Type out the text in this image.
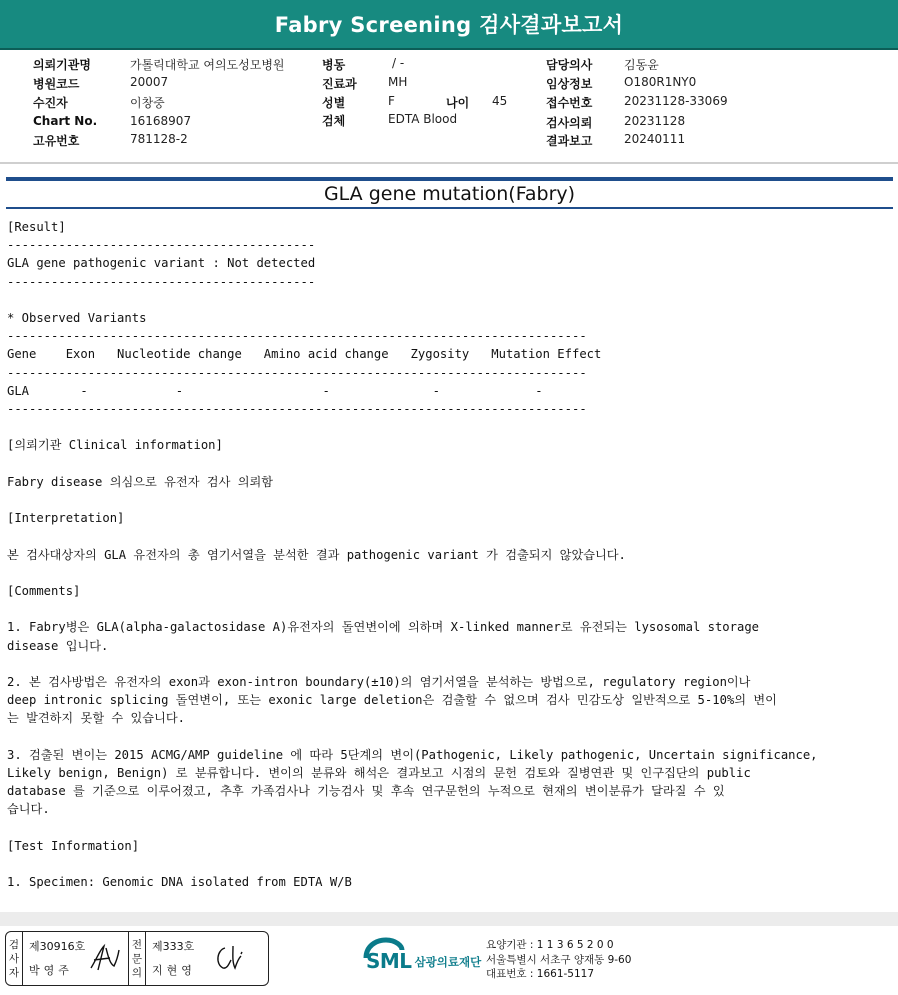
Fabry Screening 검사결과보고서
의뢰기관명	가톨릭대학교 여의도성모병원
병원코드	20007
수진자	이창중
Chart No.	16168907
고유번호	781128-2
병동	/ -
진료과	MH
성별	F	나이 45
검체	EDTA Blood
담당의사	김동윤
임상정보	O180R1NY0
접수번호	20231128-33069
검사의뢰	20231128
결과보고	20240111
GLA gene mutation(Fabry)
[Result]
------------------------------------------
GLA gene pathogenic variant : Not detected
------------------------------------------
* Observed Variants
-------------------------------------------------------------------------------
Gene    Exon   Nucleotide change   Amino acid change   Zygosity   Mutation Effect
-------------------------------------------------------------------------------
GLA       -            -                   -              -             -
-------------------------------------------------------------------------------
[의뢰기관 Clinical information]
Fabry disease 의심으로 유전자 검사 의뢰함
[Interpretation]
본 검사대상자의 GLA 유전자의 총 염기서열을 분석한 결과 pathogenic variant 가 검출되지 않았습니다.
[Comments]
1. Fabry병은 GLA(alpha-galactosidase A)유전자의 돌연변이에 의하며 X-linked manner로 유전되는 lysosomal storage
disease 입니다.
2. 본 검사방법은 유전자의 exon과 exon-intron boundary(±10)의 염기서열을 분석하는 방법으로, regulatory region이나
deep intronic splicing 돌연변이, 또는 exonic large deletion은 검출할 수 없으며 검사 민감도상 일반적으로 5-10%의 변이
는 발견하지 못할 수 있습니다.
3. 검출된 변이는 2015 ACMG/AMP guideline 에 따라 5단계의 변이(Pathogenic, Likely pathogenic, Uncertain significance,
Likely benign, Benign) 로 분류합니다. 변이의 분류와 해석은 결과보고 시점의 문헌 검토와 질병연관 및 인구집단의 public
database 를 기준으로 이루어졌고, 추후 가족검사나 기능검사 및 후속 연구문헌의 누적으로 현재의 변이분류가 달라질 수 있
습니다.
[Test Information]
1. Specimen: Genomic DNA isolated from EDTA W/B
검
사
자
제30916호
박영주
전
문
의
제333호
지현영	SML 삼광의료재단
요양기관 : 1 1 3 6 5 2 0 0
서울특별시 서초구 양재동 9-60
대표번호 : 1661-5117
